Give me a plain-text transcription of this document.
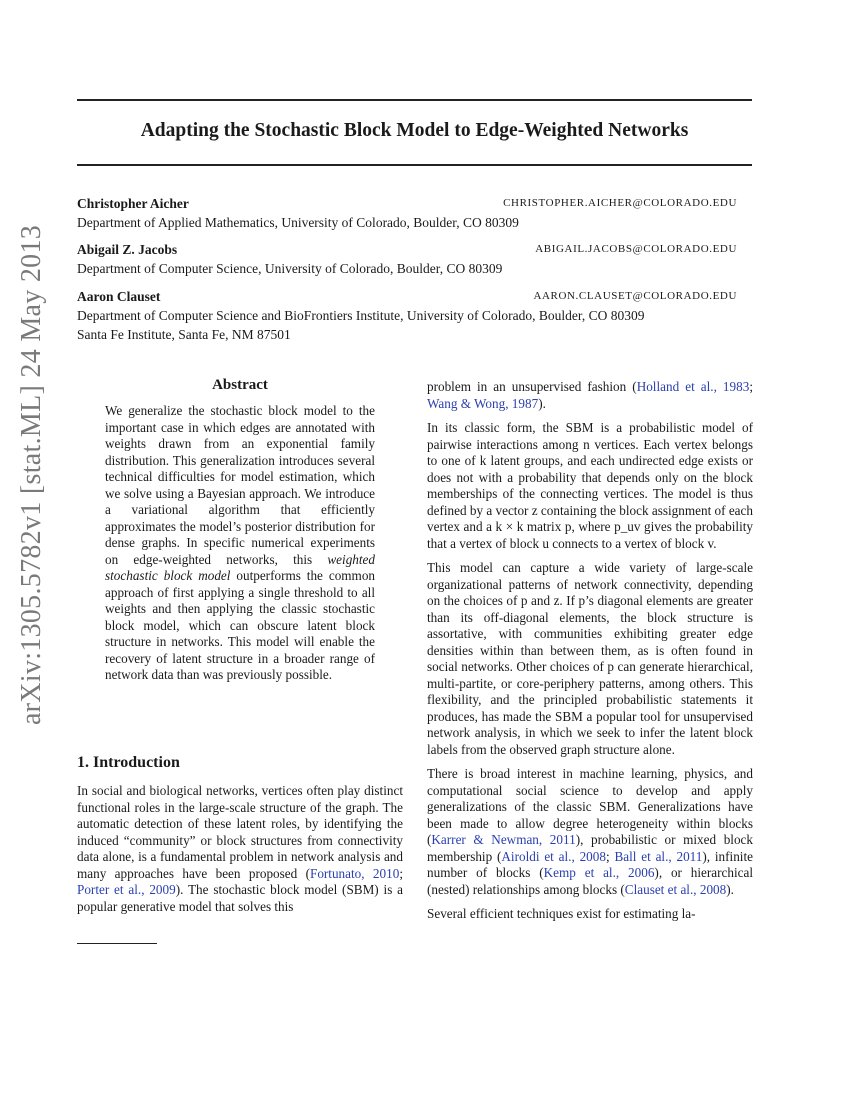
arXiv:1305.5782v1 [stat.ML] 24 May 2013
Adapting the Stochastic Block Model to Edge-Weighted Networks
Christopher Aicher	CHRISTOPHER.AICHER@COLORADO.EDU
Department of Applied Mathematics, University of Colorado, Boulder, CO 80309
Abigail Z. Jacobs	ABIGAIL.JACOBS@COLORADO.EDU
Department of Computer Science, University of Colorado, Boulder, CO 80309
Aaron Clauset	AARON.CLAUSET@COLORADO.EDU
Department of Computer Science and BioFrontiers Institute, University of Colorado, Boulder, CO 80309
Santa Fe Institute, Santa Fe, NM 87501
Abstract

We generalize the stochastic block model to the important case in which edges are annotated with weights drawn from an exponential family distribution. This generalization introduces several technical difficulties for model estimation, which we solve using a Bayesian approach. We introduce a variational algorithm that efficiently approximates the model’s posterior distribution for dense graphs. In specific numerical experiments on edge-weighted networks, this weighted stochastic block model outperforms the common approach of first applying a single threshold to all weights and then applying the classic stochastic block model, which can obscure latent block structure in networks. This model will enable the recovery of latent structure in a broader range of network data than was previously possible.

1. Introduction

In social and biological networks, vertices often play distinct functional roles in the large-scale structure of the graph. The automatic detection of these latent roles, by identifying the induced “community” or block structures from connectivity data alone, is a fundamental problem in network analysis and many approaches have been proposed (Fortunato, 2010; Porter et al., 2009). The stochastic block model (SBM) is a popular generative model that solves this

problem in an unsupervised fashion (Holland et al., 1983; Wang & Wong, 1987).

In its classic form, the SBM is a probabilistic model of pairwise interactions among n vertices. Each vertex belongs to one of k latent groups, and each undirected edge exists or does not with a probability that depends only on the block memberships of the connecting vertices. The model is thus defined by a vector z containing the block assignment of each vertex and a k × k matrix p, where p_uv gives the probability that a vertex of block u connects to a vertex of block v.

This model can capture a wide variety of large-scale organizational patterns of network connectivity, depending on the choices of p and z. If p’s diagonal elements are greater than its off-diagonal elements, the block structure is assortative, with communities exhibiting greater edge densities within than between them, as is often found in social networks. Other choices of p can generate hierarchical, multi-partite, or core-periphery patterns, among others. This flexibility, and the principled probabilistic statements it produces, has made the SBM a popular tool for unsupervised network analysis, in which we seek to infer the latent block labels from the observed graph structure alone.

There is broad interest in machine learning, physics, and computational social science to develop and apply generalizations of the classic SBM. Generalizations have been made to allow degree heterogeneity within blocks (Karrer & Newman, 2011), probabilistic or mixed block membership (Airoldi et al., 2008; Ball et al., 2011), infinite number of blocks (Kemp et al., 2006), or hierarchical (nested) relationships among blocks (Clauset et al., 2008).

Several efficient techniques exist for estimating la-
